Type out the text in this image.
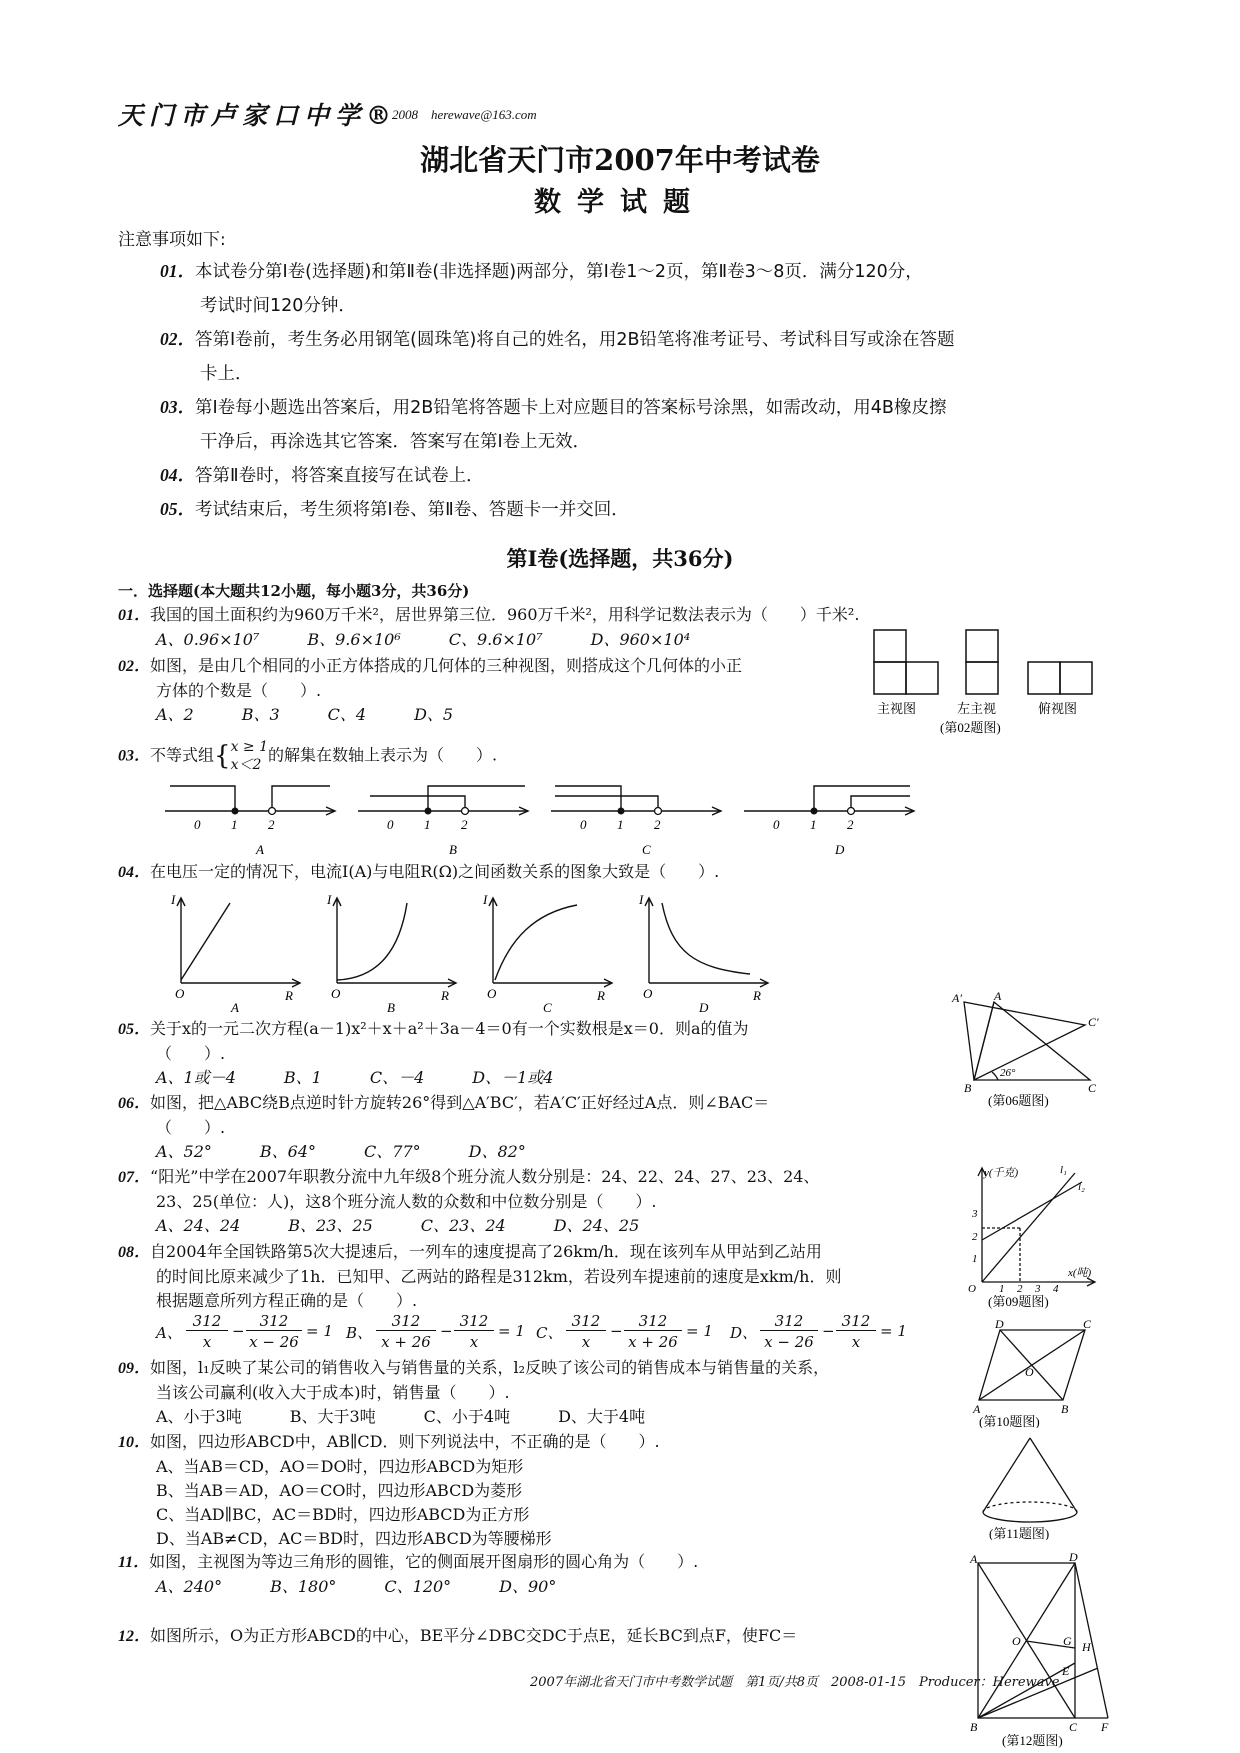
天门市卢家口中学®
2008　herewave@163.com
湖北省天门市2007年中考试卷
数学试题
注意事项如下:
01．本试卷分第Ⅰ卷(选择题)和第Ⅱ卷(非选择题)两部分，第Ⅰ卷1～2页，第Ⅱ卷3～8页．满分120分，
考试时间120分钟．
02．答第Ⅰ卷前，考生务必用钢笔(圆珠笔)将自己的姓名，用2B铅笔将准考证号、考试科目写或涂在答题
卡上．
03．第Ⅰ卷每小题选出答案后，用2B铅笔将答题卡上对应题目的答案标号涂黑，如需改动，用4B橡皮擦
干净后，再涂选其它答案．答案写在第Ⅰ卷上无效．
04．答第Ⅱ卷时，将答案直接写在试卷上．
05．考试结束后，考生须将第Ⅰ卷、第Ⅱ卷、答题卡一并交回．
第Ⅰ卷(选择题，共36分)
一．选择题(本大题共12小题，每小题3分，共36分)
01．我国的国土面积约为960万千米²，居世界第三位．960万千米²，用科学记数法表示为（　　）千米².
A、0.96×10⁷　　　B、9.6×10⁶　　　C、9.6×10⁷　　　D、960×10⁴
02．如图，是由几个相同的小正方体搭成的几何体的三种视图，则搭成这个几何体的小正
方体的个数是（　　）.
A、2　　　B、3　　　C、4　　　D、5	主视图	左主视	俯视图
(第02题图)
03．不等式组{ x ≥ 1
x＜2
的解集在数轴上表示为（　　）.
0 1 2	0 1 2	0 1 2	0 1 2
A	B	C	D
04．在电压一定的情况下，电流I(A)与电阻R(Ω)之间函数关系的图象大致是（　　）.
I
O	R
A
I
O	R
B
I
O	R
C
I
O	R
D
05．关于x的一元二次方程(a－1)x²＋x＋a²＋3a－4＝0有一个实数根是x＝0．则a的值为
（　　）.
A、1或－4　　　B、1　　　C、－4　　　D、－1或4
06．如图，把△ABC绕B点逆时针方旋转26°得到△A′BC′，若A′C′正好经过A点．则∠BAC＝
（　　）.
A、52°　　　B、64°　　　C、77°　　　D、82°
A′	A
C′
B	C
26°
(第06题图)
07．“阳光”中学在2007年职教分流中九年级8个班分流人数分别是：24、22、24、27、23、24、
23、25(单位：人)，这8个班分流人数的众数和中位数分别是（　　）.
A、24、24　　　B、23、25　　　C、23、24　　　D、24、25
y(千克)	l₁
l₂
x(吨)
3
2
1
O 1 2 3 4
(第09题图)
08．自2004年全国铁路第5次大提速后，一列车的速度提高了26km/h．现在该列车从甲站到乙站用
的时间比原来减少了1h．已知甲、乙两站的路程是312km，若设列车提速前的速度是xkm/h．则
根据题意所列方程正确的是（　　）.
A、
312
x
−
312
x − 26
= 1 B、
312
x + 26
−
312
x
= 1 C、
312
x
−
312
x + 26
= 1 D、
312
x − 26
−
312
x
= 1
09．如图，l₁反映了某公司的销售收入与销售量的关系，l₂反映了该公司的销售成本与销售量的关系，
当该公司赢利(收入大于成本)时，销售量（　　）.
A、小于3吨　　　B、大于3吨　　　C、小于4吨　　　D、大于4吨
D	C
A	B
O
(第10题图)
10．如图，四边形ABCD中，AB∥CD．则下列说法中，不正确的是（　　）.
A、当AB＝CD，AO＝DO时，四边形ABCD为矩形
B、当AB＝AD，AO＝CO时，四边形ABCD为菱形
C、当AD∥BC，AC＝BD时，四边形ABCD为正方形
D、当AB≠CD，AC＝BD时，四边形ABCD为等腰梯形	(第11题图)
11．如图，主视图为等边三角形的圆锥，它的侧面展开图扇形的圆心角为（　　）.
A、240°　　　B、180°　　　C、120°　　　D、90°
12．如图所示，O为正方形ABCD的中心，BE平分∠DBC交DC于点E，延长BC到点F，使FC＝
A	D
B	C F
O	G H
E
(第12题图)
2007年湖北省天门市中考数学试题　第1页/共8页　2008-01-15　Producer：Herewave
